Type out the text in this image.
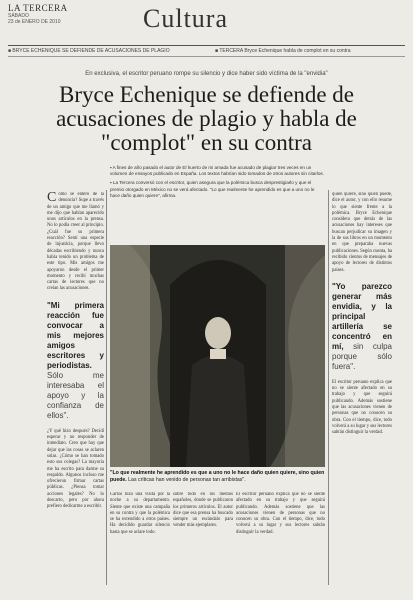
LA TERCERA
SÁBADO
23 de ENERO DE 2010	Cultura
■ BRYCE ECHENIQUE SE DEFIENDE DE ACUSACIONES DE PLAGIO	■ TERCERA Bryce Echenique habla de complot en su contra
En exclusiva, el escritor peruano rompe su silencio y dice haber sido víctima de la "envidia"
Bryce Echenique se defiende de acusaciones de plagio y habla de "complot" en su contra

▪ A fines de año pasado el autor de El huerto de mi amada fue acusado de plagiar tres veces en un volumen de ensayos publicado en España. Los textos habrían sido tomados de otros autores sin citarlos.

▪ La Tercera conversó con el escritor, quien asegura que la polémica busca desprestigiarlo y que el premio otorgado en México no se verá afectado. "Lo que realmente he aprendido es que a uno no le hace daño quien quiere", afirma.

Cómo se enteró de la denuncia? Supe a través de un amigo que me llamó y me dijo que habían aparecido unos artículos en la prensa. No lo podía creer al principio. ¿Cuál fue su primera reacción? Sentí una especie de injusticia, porque llevo décadas escribiendo y nunca había tenido un problema de este tipo. Mis amigos me apoyaron desde el primer momento y recibí muchas cartas de lectores que no creían las acusaciones.

"Mi primera reacción fue convocar a mis mejores amigos escritores y periodistas. Sólo me interesaba el apoyo y la confianza de ellos".

¿Y qué hizo después? Decidí esperar y no responder de inmediato. Creo que hay que dejar que las cosas se aclaren solas. ¿Cómo se han tomado esto sus colegas? La mayoría me ha escrito para darme su respaldo. Algunos incluso me ofrecieron firmar cartas públicas. ¿Piensa tomar acciones legales? No lo descarto, pero por ahora prefiero dedicarme a escribir.

"Lo que realmente he aprendido es que a uno no le hace daño quien quiere, sino quien puede. Las críticas han venido de personas tan arribistas".
Carlos hizo una visita por la noche a su departamento. Siente que existe una campaña en su contra y que la polémica se ha extendido a otros países. Ha decidido guardar silencio hasta que se aclare todo.
sobre todo en los medios españoles, donde se publicaron los primeros artículos. El autor dice que esa prensa ha buscado siempre un escándalo para vender más ejemplares.
El escritor peruano explica que no se siente afectado en su trabajo y que seguirá publicando. Además sostiene que las acusaciones vienen de personas que no conocen su obra. Con el tiempo, dice, todo volverá a su lugar y sus lectores sabrán distinguir la verdad.

quien quiere, sino quien puede, dice el autor, y con ello resume lo que siente frente a la polémica. Bryce Echenique considera que detrás de las acusaciones hay intereses que buscan perjudicar su imagen y la de sus libros en un momento en que preparaba nuevas publicaciones. Según cuenta, ha recibido cientos de mensajes de apoyo de lectores de distintos países.

"Yo parezco generar más envidia, y la principal artillería se concentró en mí, sin culpa porque sólo fuera".

El escritor peruano explica que no se siente afectado en su trabajo y que seguirá publicando. Además sostiene que las acusaciones vienen de personas que no conocen su obra. Con el tiempo, dice, todo volverá a su lugar y sus lectores sabrán distinguir la verdad.
